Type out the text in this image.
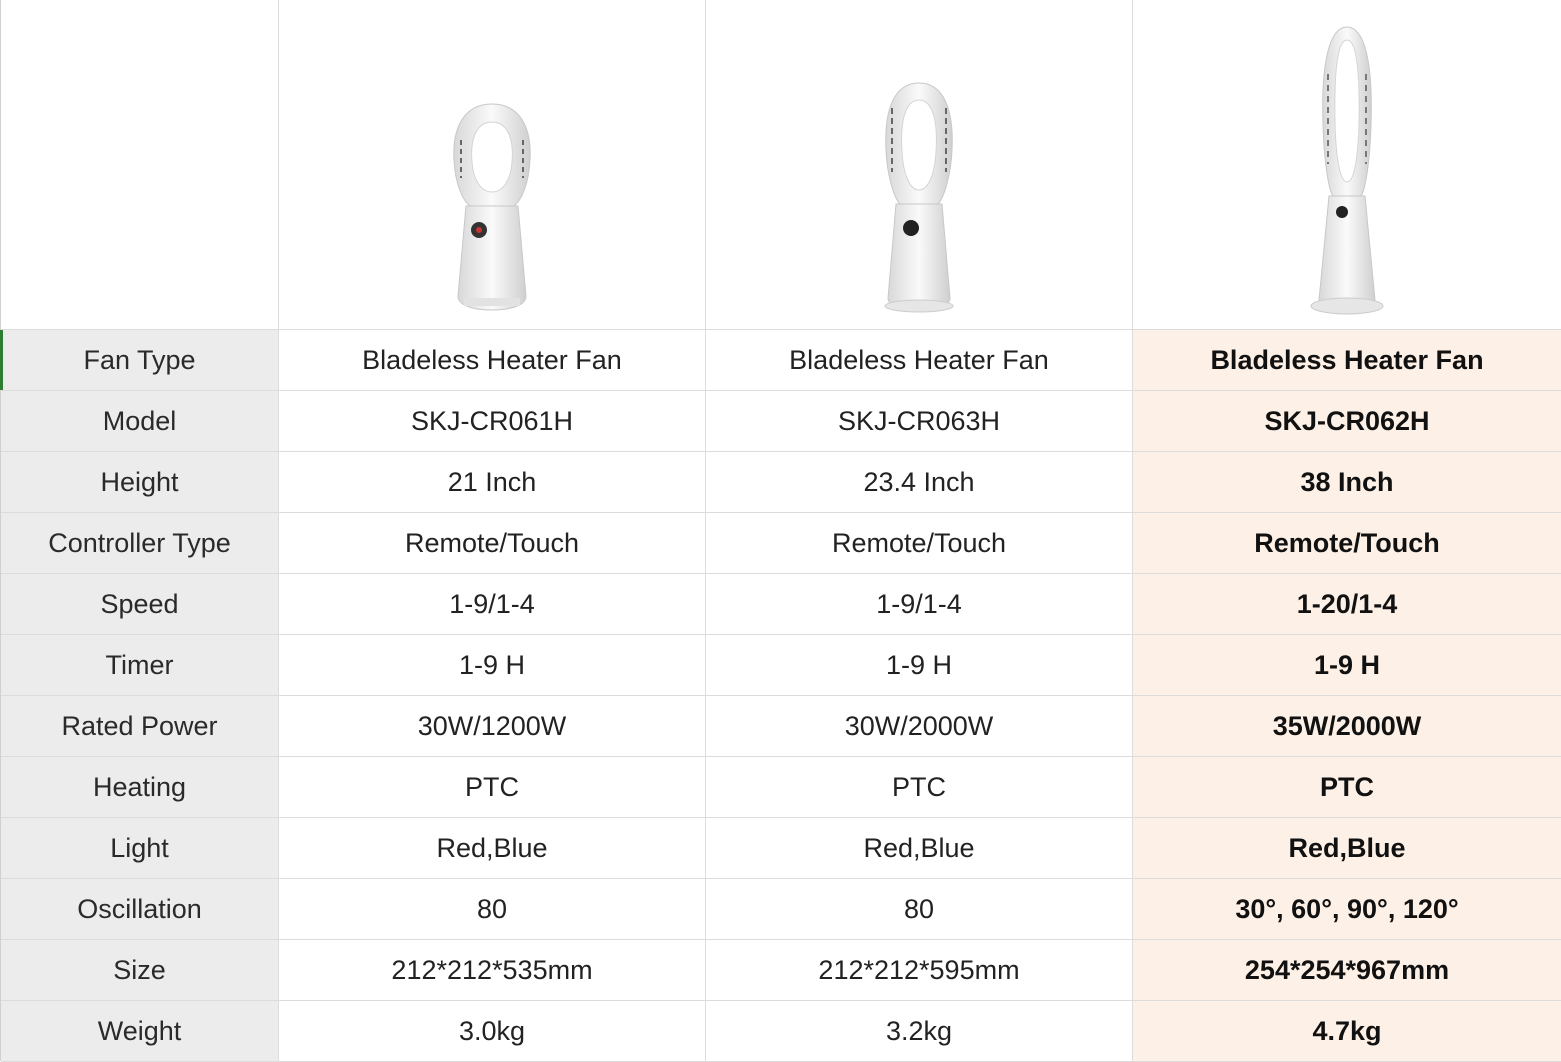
Fan Type	Bladeless Heater Fan	Bladeless Heater Fan	Bladeless Heater Fan
Model	SKJ-CR061H	SKJ-CR063H	SKJ-CR062H
Height	21 Inch	23.4 Inch	38 Inch
Controller Type	Remote/Touch	Remote/Touch	Remote/Touch
Speed	1-9/1-4	1-9/1-4	1-20/1-4
Timer	1-9 H	1-9 H	1-9 H
Rated Power	30W/1200W	30W/2000W	35W/2000W
Heating	PTC	PTC	PTC
Light	Red,Blue	Red,Blue	Red,Blue
Oscillation	80	80	30°, 60°, 90°, 120°
Size	212*212*535mm	212*212*595mm	254*254*967mm
Weight	3.0kg	3.2kg	4.7kg
